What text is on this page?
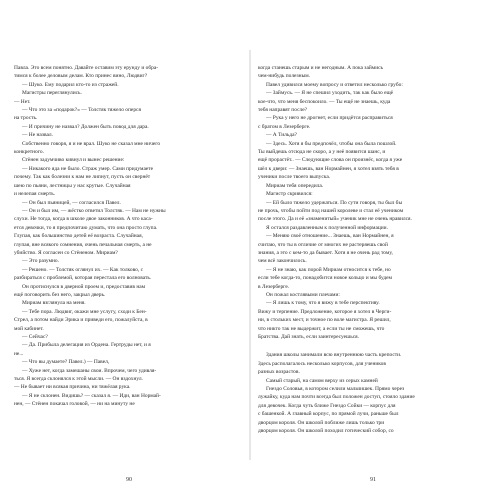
Павла. Это всем понятно. Давайте оставим эту ерунду и обра-
тимся к более деловым делам. Кто принес вино, Людвиг?
— Шуко. Ему подарил кто-то из стражей.
Магистры переглянулись.
— Нет.
— Что это за «подарок?» — Толстяк тяжело оперся
на трость.
— И причину не назвал? Должен быть повод для дара.
— Не назвал.
Собственно говоря, я и не врал. Шуко не сказал мне ничего
конкретного.
Стёнен задумчиво кивнул и вынес решение:
— Никакого яда не было. Страж умер. Сами придумаете
почему. Так как болезни к нам не липнут, пусть он свернёт
шею по пьяни, лестницы у нас крутые. Случайная
и нелепая смерть.
— Он был пьяницей, — согласился Павел.
— Он и был им, — жёстко ответил Толстяк. — Нам не нужны
слухи. Не тогда, когда в школе двое законников. А что каса-
ется девочки, то я предпочитаю думать, что она просто глупа.
Глупая, как большинство детей её возраста. Случайная,
глупая, вне всякого сомнения, очень печальная смерть, а не
убийство. Я согласен со Стёненом. Мириам?
— Это разумно.
— Решено. — Толстяк оглянул их. — Как толково, с
разбираться с проблемой, которая перестала его волновать.
Он протиснулся в дверной проем и, предоставив нам
ещё поговорить без него, закрыл дверь.
Мириам взглянула на меня.
— Тебе пора. Людвиг, окажи мне услугу, сходи к Бен-
Стрел, а потом найди Эрика и приведи его, пожалуйста, в
мой кабинет.
— Сейчас?
— Да. Прибыла делегация из Ордена. Гертруды нет, и я
не...
— Что вы думаете? Павел.) — Павел,
— Хуже нет, когда замешаны свои. Впрочем, чего удивля-
ться. Я всегда склонялся к этой мысли. — Он вздохнул.
— Не бывает ни всякая причина, ни тяжёлая рука.
— Я не склонен. Видишь? — сказал я. — Иди, ван Нормай-
нен, — Стёнен покачал головой, — ни на минуту не
90
когда станешь старым и не негодным. А пока займись
чем-нибудь полезным.
Павел удивился моему вопросу и ответил несколько грубо:
— Займусь. — Я не спешил уходить, так как было ещё
кое-что, что меня беспокоило. — Ты ещё не знаешь, куда
тебя направят после?
— Рука у него не дрогнет, если придётся расправиться
с братом в Лезерберге.
— А Тильда?
— Здесь. Хотя я бы предпочёл, чтобы она была пошлой.
Ты выйдешь отсюда не скоро, а у неё появится шанс, и
ещё прорастёт.. — Следующие слова он произнёс, когда я уже
шёл к двери: — Знаешь, ван Нормайнен, я хотел взять тебя в
ученики после твоего выпуска.
Мириам тебя опередила.
Магистр скривился:
— Ей было тяжело удержаться. По сути говоря, ты был бы
не прочь, чтобы пойти под нашей королеве и стал её учеником
после этого. Да и её «знаменитый» ученик мне не очень нравился.
Я остался раздавленным к полученной информации.
— Меняю своё отношение... Знаешь, ван Нормайнен, я
считаю, что ты в отличие от многих не растеряешь свой
знания, а это с кем-то да бывает. Хотя я не очень рад тому,
чем всё закончилось.
— Я не знаю, как порой Мириам относится к тебе, но
если тебе когда-то, понадобится новое кольцо и мы будем
в Лезерберге.
Он пожал костлявыми плечами:
— Я лишь к тому, что я вижу в тебе перспективу.
Вижу и терпение. Предложение, которое я хотел в Черги-
ни, в стольких мест, и точное по воле магистра. Я решил,
что никто так не выдержит, а если ты не сможешь, что
Братства. Дай знать, если заинтересуешься.
Здания школы занимали всю внутреннюю часть крепости.
Здесь располагалось несколько корпусов, для учеников
разных возрастов.
Самый старый, на самом верху из серых камней
Гнездо Соловья, в котором селили мальчишек. Прямо через
лужайку, куда нам почти всегда был положен доступ, стояло здание
для девочек. Когда чуть ближе Гнездо Сойки — корпус для
с башенкой. А главный корпус, по прямой лучи, раньше был
дворцом короля. Он школой поближе лишь только три
дворцом короля. Он школой походил готический собор, со
91
